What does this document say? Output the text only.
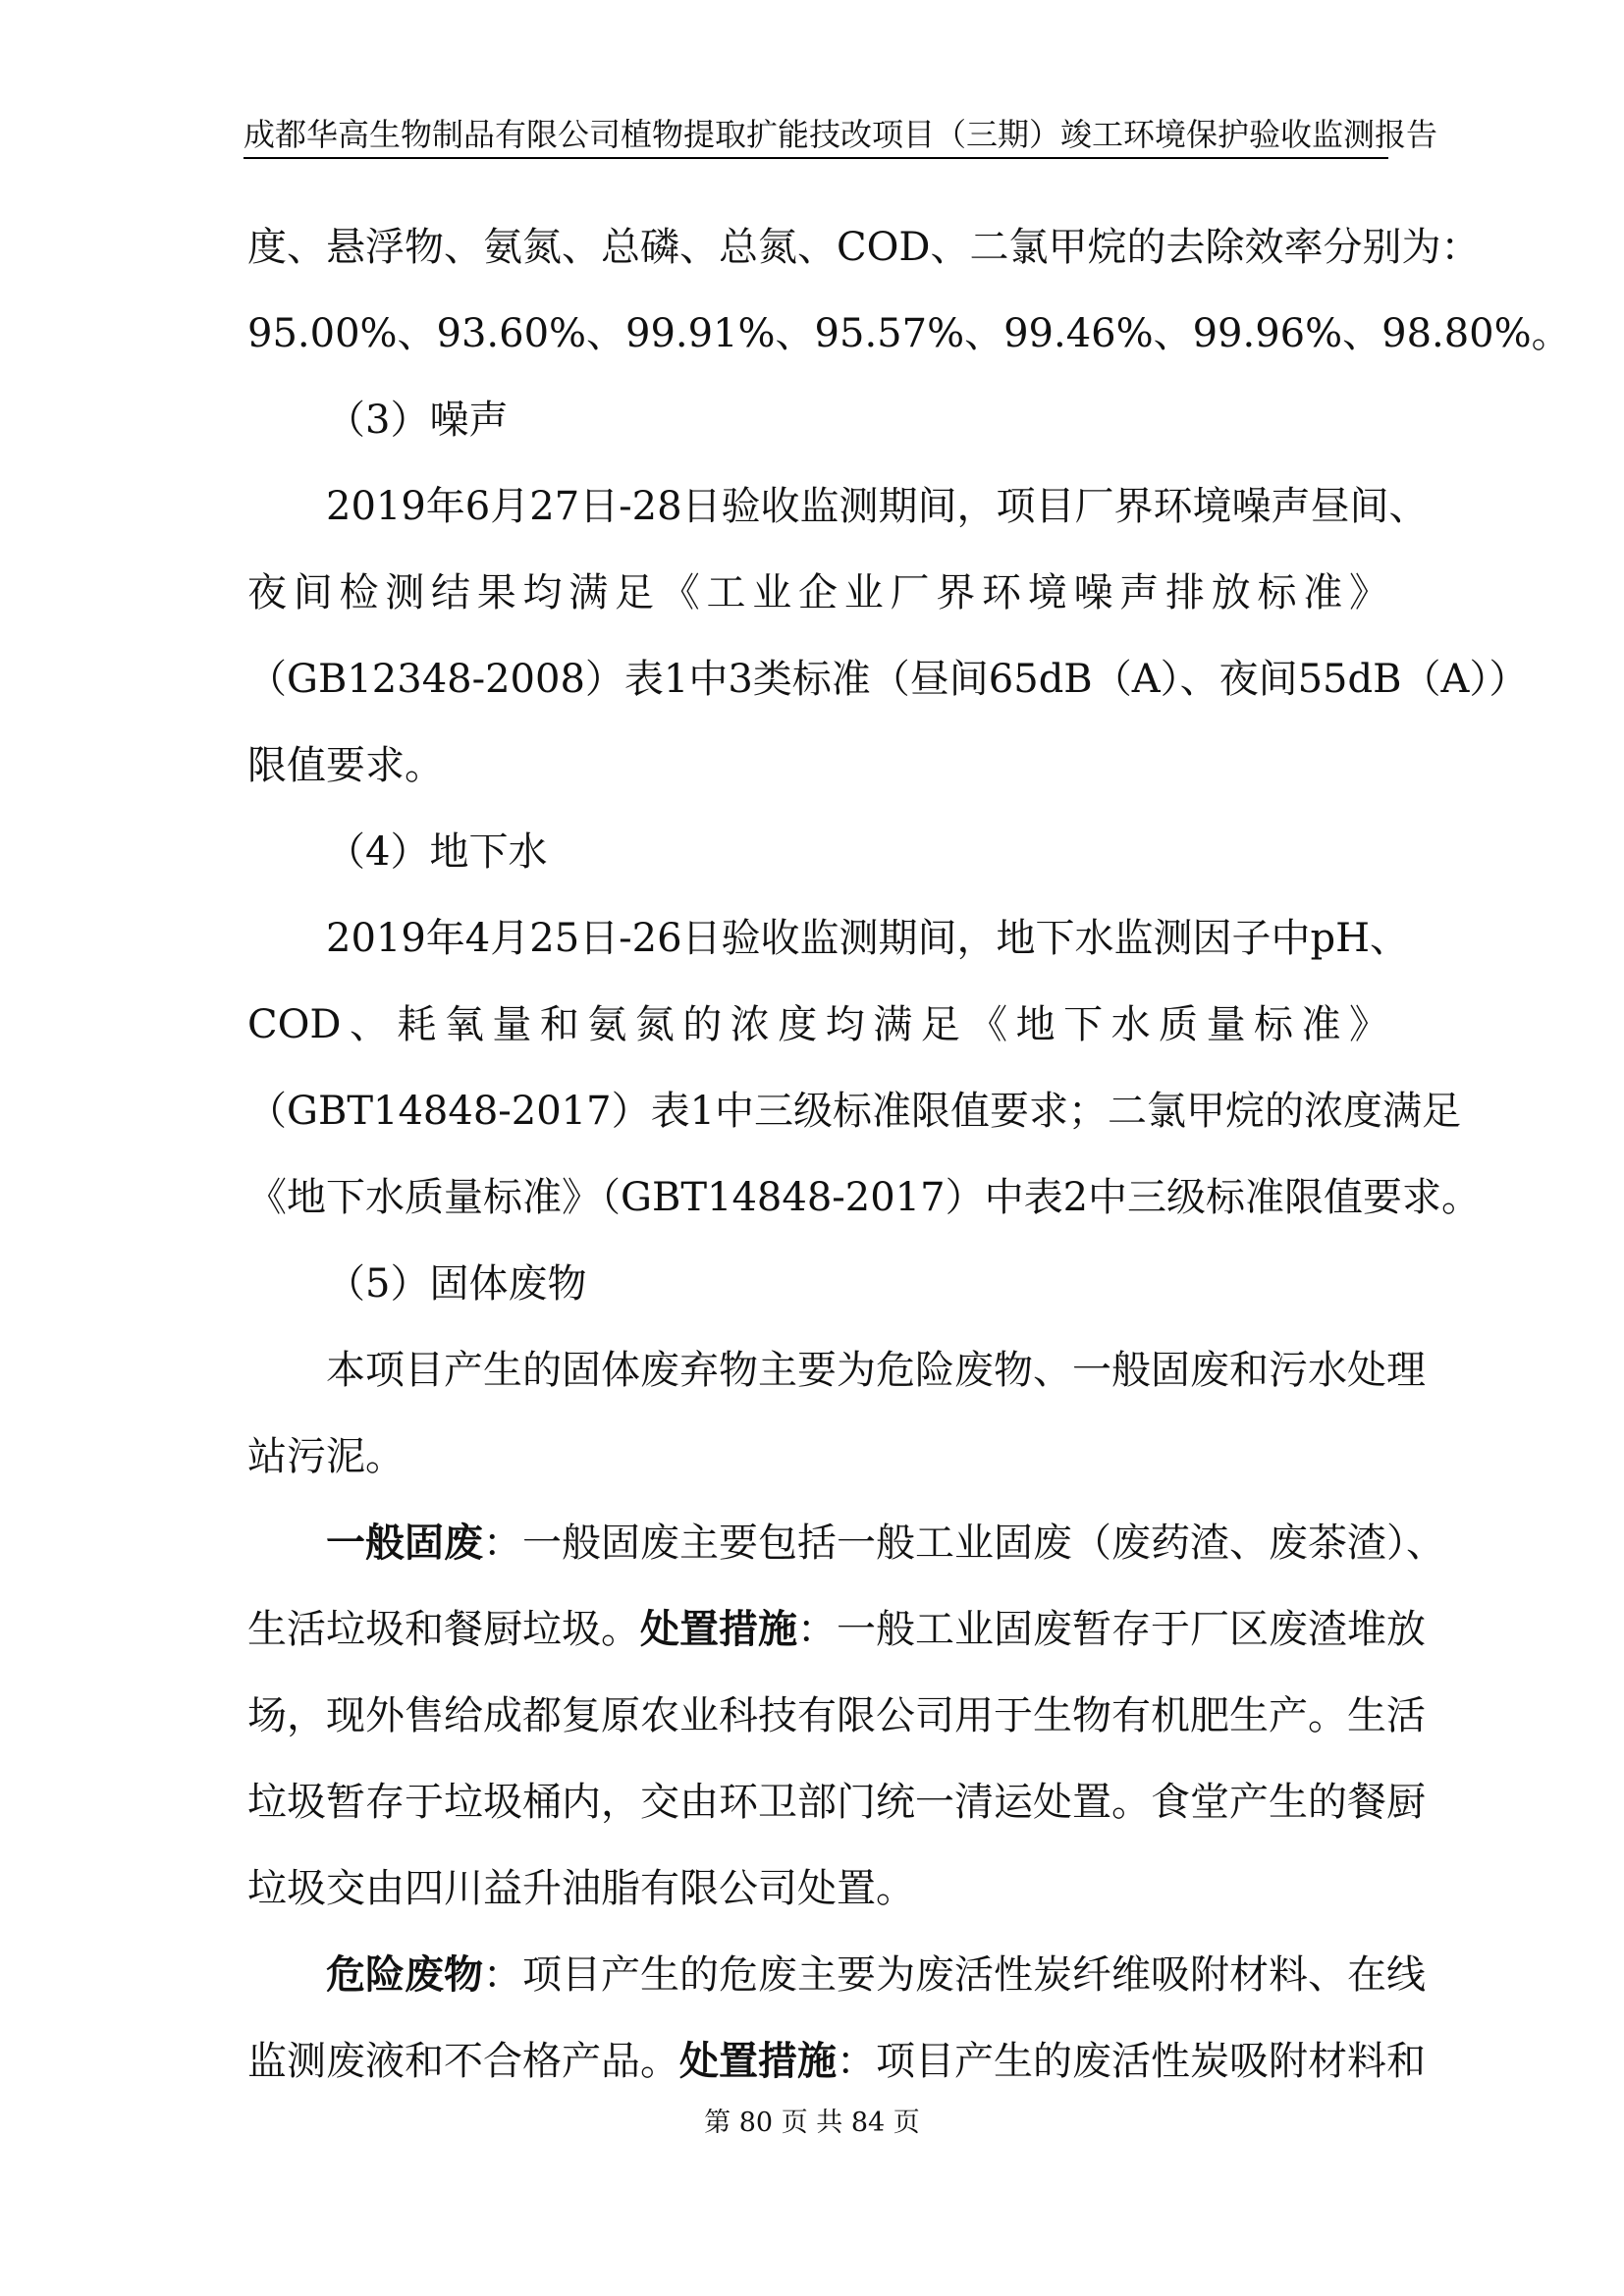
成都华高生物制品有限公司植物提取扩能技改项目（三期）竣工环境保护验收监测报告
度、悬浮物、氨氮、总磷、总氮、COD、二氯甲烷的去除效率分别为：
95.00%、93.60%、99.91%、95.57%、99.46%、99.96%、98.80%。
（3）噪声
2019年6月27日-28日验收监测期间，项目厂界环境噪声昼间、
夜间检测结果均满足《工业企业厂界环境噪声排放标准》
（GB12348-2008）表1中3类标准（昼间65dB（A）、夜间55dB（A））
限值要求。
（4）地下水
2019年4月25日-26日验收监测期间，地下水监测因子中pH、
COD、耗氧量和氨氮的浓度均满足《地下水质量标准》
（GBT14848-2017）表1中三级标准限值要求；二氯甲烷的浓度满足
《地下水质量标准》（GBT14848-2017）中表2中三级标准限值要求。
（5）固体废物
本项目产生的固体废弃物主要为危险废物、一般固废和污水处理
站污泥。
一般固废：一般固废主要包括一般工业固废（废药渣、废茶渣）、
生活垃圾和餐厨垃圾。处置措施：一般工业固废暂存于厂区废渣堆放
场，现外售给成都复原农业科技有限公司用于生物有机肥生产。生活
垃圾暂存于垃圾桶内，交由环卫部门统一清运处置。食堂产生的餐厨
垃圾交由四川益升油脂有限公司处置。
危险废物：项目产生的危废主要为废活性炭纤维吸附材料、在线
监测废液和不合格产品。处置措施：项目产生的废活性炭吸附材料和
第 80 页 共 84 页
